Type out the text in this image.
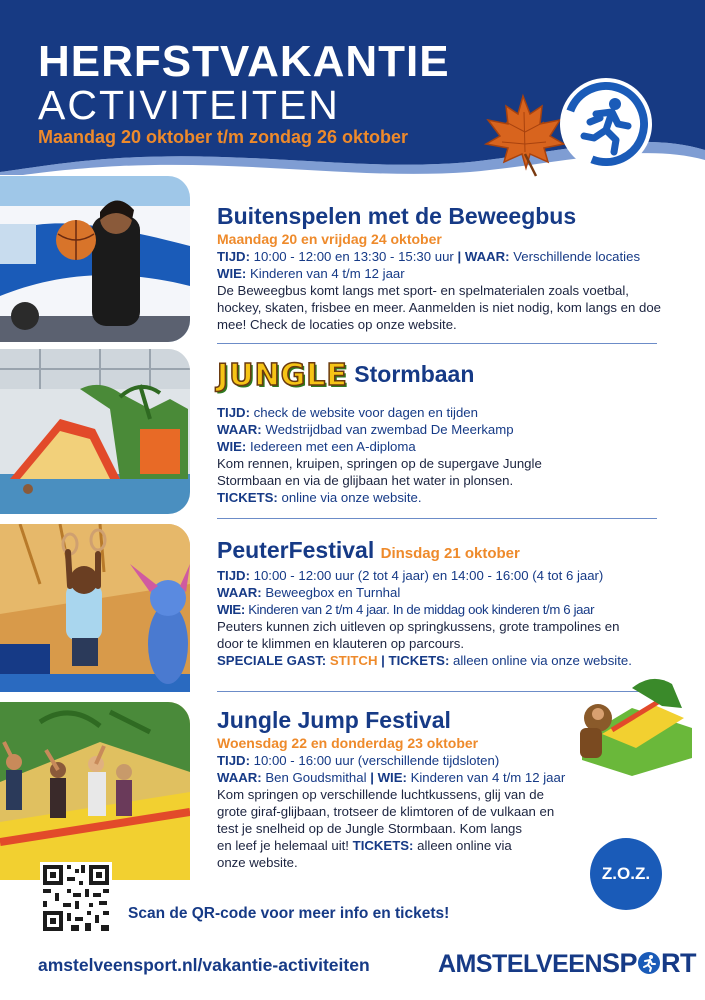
HERFSTVAKANTIE
ACTIVITEITEN
Maandag 20 oktober t/m zondag 26 oktober
Buitenspelen met de Beweegbus
Maandag 20 en vrijdag 24 oktober
TIJD: 10:00 - 12:00 en 13:30 - 15:30 uur | WAAR: Verschillende locaties
WIE: Kinderen van 4 t/m 12 jaar
De Beweegbus komt langs met sport- en spelmaterialen zoals voetbal, hockey, skaten, frisbee en meer. Aanmelden is niet nodig, kom langs en doe mee! Check de locaties op onze website.
JUNGLE Stormbaan
TIJD: check de website voor dagen en tijden
WAAR: Wedstrijdbad van zwembad De Meerkamp
WIE: Iedereen met een A-diploma
Kom rennen, kruipen, springen op de supergave Jungle Stormbaan en via de glijbaan het water in plonsen.
TICKETS: online via onze website.
PeuterFestival Dinsdag 21 oktober
TIJD: 10:00 - 12:00 uur (2 tot 4 jaar) en 14:00 - 16:00 (4 tot 6 jaar)
WAAR: Beweegbox en Turnhal
WIE: Kinderen van 2 t/m 4 jaar. In de middag ook kinderen t/m 6 jaar
Peuters kunnen zich uitleven op springkussens, grote trampolines en door te klimmen en klauteren op parcours.
SPECIALE GAST: STITCH | TICKETS: alleen online via onze website.
Jungle Jump Festival
Woensdag 22 en donderdag 23 oktober
TIJD: 10:00 - 16:00 uur (verschillende tijdsloten)
WAAR: Ben Goudsmithal | WIE: Kinderen van 4 t/m 12 jaar
Kom springen op verschillende luchtkussens, glij van de
grote giraf-glijbaan, trotseer de klimtoren of de vulkaan en
test je snelheid op de Jungle Stormbaan. Kom langs
en leef je helemaal uit! TICKETS: alleen online via
onze website.
Z.O.Z.
Scan de QR-code voor meer info en tickets!
amstelveensport.nl/vakantie-activiteiten	AMSTELVEENSP RT
